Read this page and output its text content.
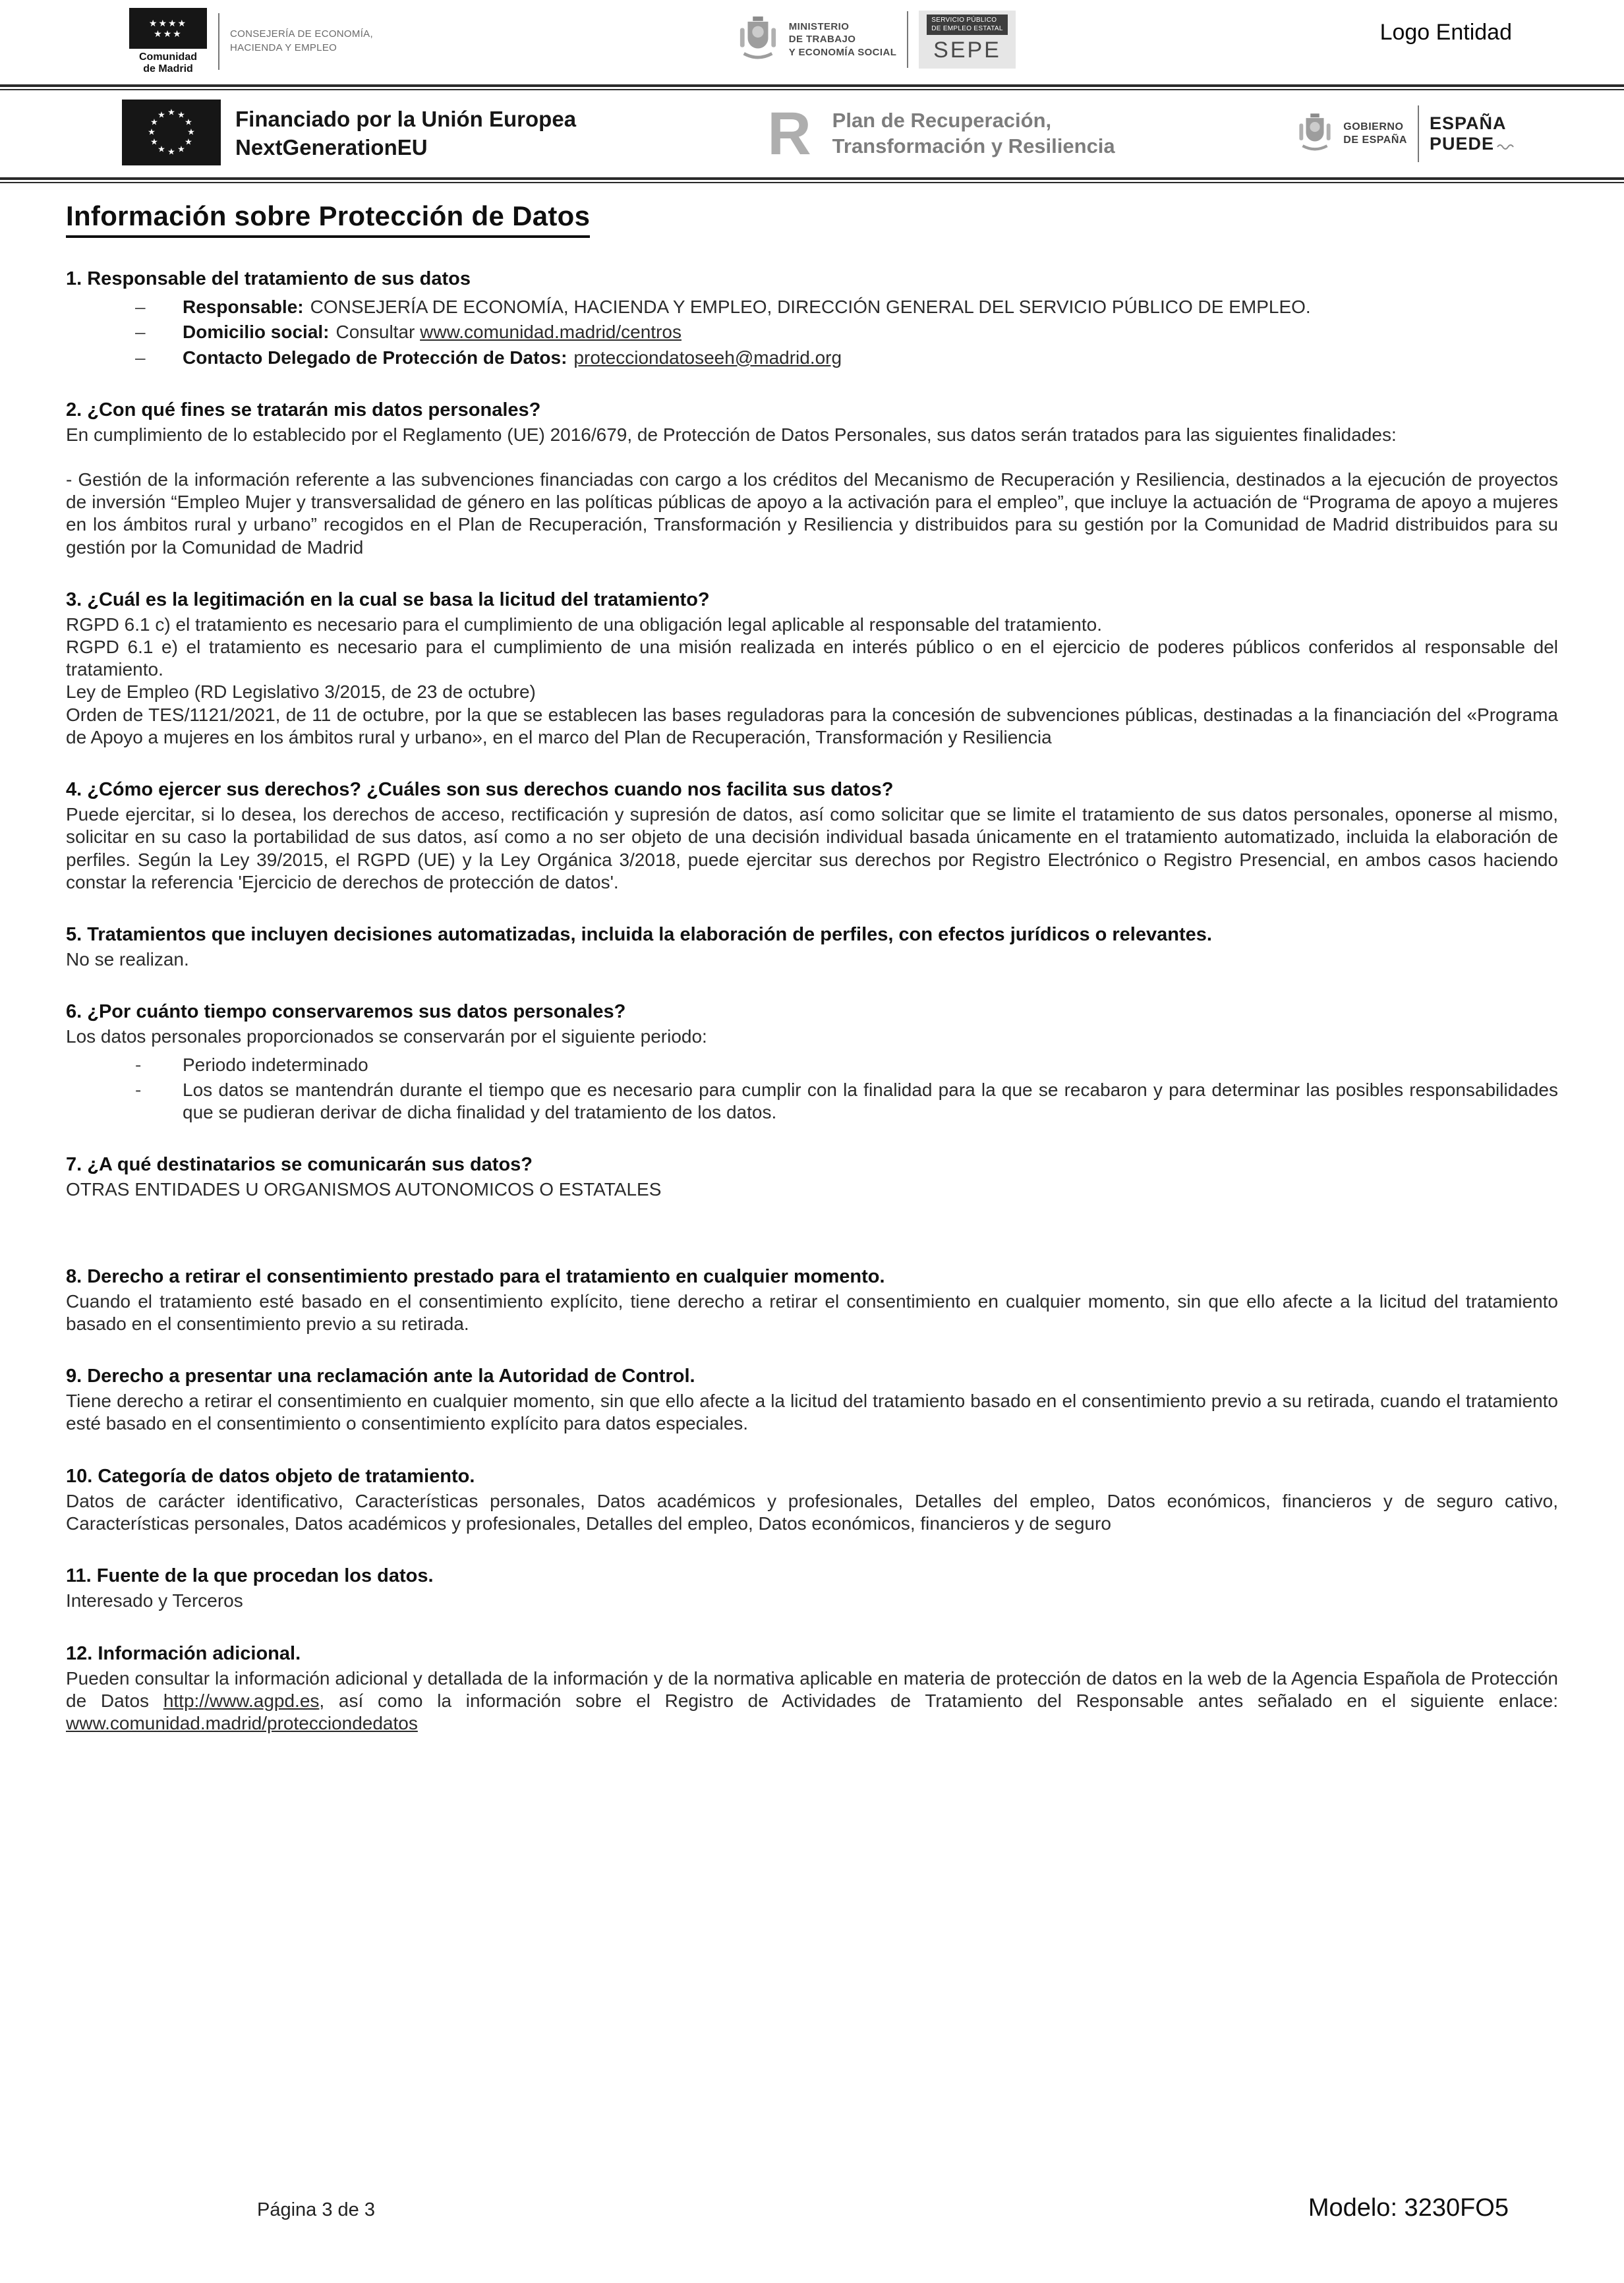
★★★★
★★★
Comunidad
de Madrid
CONSEJERÍA DE ECONOMÍA,
HACIENDA Y EMPLEO
MINISTERIO
DE TRABAJO
Y ECONOMÍA SOCIAL
SERVICIO PÚBLICO
DE EMPLEO ESTATAL
SEPE
Logo Entidad
★ ★
★
★
★
★
★
★
★
★
★
★	Financiado por la Unión Europea
NextGenerationEU	R Plan de Recuperación,
Transformación y Resiliencia
GOBIERNO
DE ESPAÑA
ESPAÑA
PUEDE
Información sobre Protección de Datos
1. Responsable del tratamiento de sus datos
–	Responsable: CONSEJERÍA DE ECONOMÍA, HACIENDA Y EMPLEO, DIRECCIÓN GENERAL DEL SERVICIO PÚBLICO DE EMPLEO.

–	Domicilio social: Consultar www.comunidad.madrid/centros

–	Contacto Delegado de Protección de Datos: protecciondatoseeh@madrid.org

2. ¿Con qué fines se tratarán mis datos personales?

En cumplimiento de lo establecido por el Reglamento (UE) 2016/679, de Protección de Datos Personales, sus datos serán tratados para las siguientes finalidades:

- Gestión de la información referente a las subvenciones financiadas con cargo a los créditos del Mecanismo de Recuperación y Resiliencia, destinados a la ejecución de proyectos de inversión “Empleo Mujer y transversalidad de género en las políticas públicas de apoyo a la activación para el empleo”, que incluye la actuación de “Programa de apoyo a mujeres en los ámbitos rural y urbano” recogidos en el Plan de Recuperación, Transformación y Resiliencia y distribuidos para su gestión por la Comunidad de Madrid distribuidos para su gestión por la Comunidad de Madrid

3. ¿Cuál es la legitimación en la cual se basa la licitud del tratamiento?

RGPD 6.1 c) el tratamiento es necesario para el cumplimiento de una obligación legal aplicable al responsable del tratamiento.

RGPD 6.1 e) el tratamiento es necesario para el cumplimiento de una misión realizada en interés público o en el ejercicio de poderes públicos conferidos al responsable del tratamiento.

Ley de Empleo (RD Legislativo 3/2015, de 23 de octubre)

Orden de TES/1121/2021, de 11 de octubre, por la que se establecen las bases reguladoras para la concesión de subvenciones públicas, destinadas a la financiación del «Programa de Apoyo a mujeres en los ámbitos rural y urbano», en el marco del Plan de Recuperación, Transformación y Resiliencia

4. ¿Cómo ejercer sus derechos? ¿Cuáles son sus derechos cuando nos facilita sus datos?

Puede ejercitar, si lo desea, los derechos de acceso, rectificación y supresión de datos, así como solicitar que se limite el tratamiento de sus datos personales, oponerse al mismo, solicitar en su caso la portabilidad de sus datos, así como a no ser objeto de una decisión individual basada únicamente en el tratamiento automatizado, incluida la elaboración de perfiles. Según la Ley 39/2015, el RGPD (UE) y la Ley Orgánica 3/2018, puede ejercitar sus derechos por Registro Electrónico o Registro Presencial, en ambos casos haciendo constar la referencia 'Ejercicio de derechos de protección de datos'.

5. Tratamientos que incluyen decisiones automatizadas, incluida la elaboración de perfiles, con efectos jurídicos o relevantes.

No se realizan.

6. ¿Por cuánto tiempo conservaremos sus datos personales?

Los datos personales proporcionados se conservarán por el siguiente periodo:

-	Periodo indeterminado

-	Los datos se mantendrán durante el tiempo que es necesario para cumplir con la finalidad para la que se recabaron y para determinar las posibles responsabilidades que se pudieran derivar de dicha finalidad y del tratamiento de los datos.

7. ¿A qué destinatarios se comunicarán sus datos?

OTRAS ENTIDADES U ORGANISMOS AUTONOMICOS O ESTATALES

8. Derecho a retirar el consentimiento prestado para el tratamiento en cualquier momento.

Cuando el tratamiento esté basado en el consentimiento explícito, tiene derecho a retirar el consentimiento en cualquier momento, sin que ello afecte a la licitud del tratamiento basado en el consentimiento previo a su retirada.

9. Derecho a presentar una reclamación ante la Autoridad de Control.

Tiene derecho a retirar el consentimiento en cualquier momento, sin que ello afecte a la licitud del tratamiento basado en el consentimiento previo a su retirada, cuando el tratamiento esté basado en el consentimiento o consentimiento explícito para datos especiales.

10. Categoría de datos objeto de tratamiento.

Datos de carácter identificativo, Características personales, Datos académicos y profesionales, Detalles del empleo, Datos económicos, financieros y de seguro cativo, Características personales, Datos académicos y profesionales, Detalles del empleo, Datos económicos, financieros y de seguro

11. Fuente de la que procedan los datos.

Interesado y Terceros

12. Información adicional.

Pueden consultar la información adicional y detallada de la información y de la normativa aplicable en materia de protección de datos en la web de la Agencia Española de Protección de Datos http://www.agpd.es, así como la información sobre el Registro de Actividades de Tratamiento del Responsable antes señalado en el siguiente enlace: www.comunidad.madrid/protecciondedatos

Página 3 de 3	Modelo: 3230FO5
